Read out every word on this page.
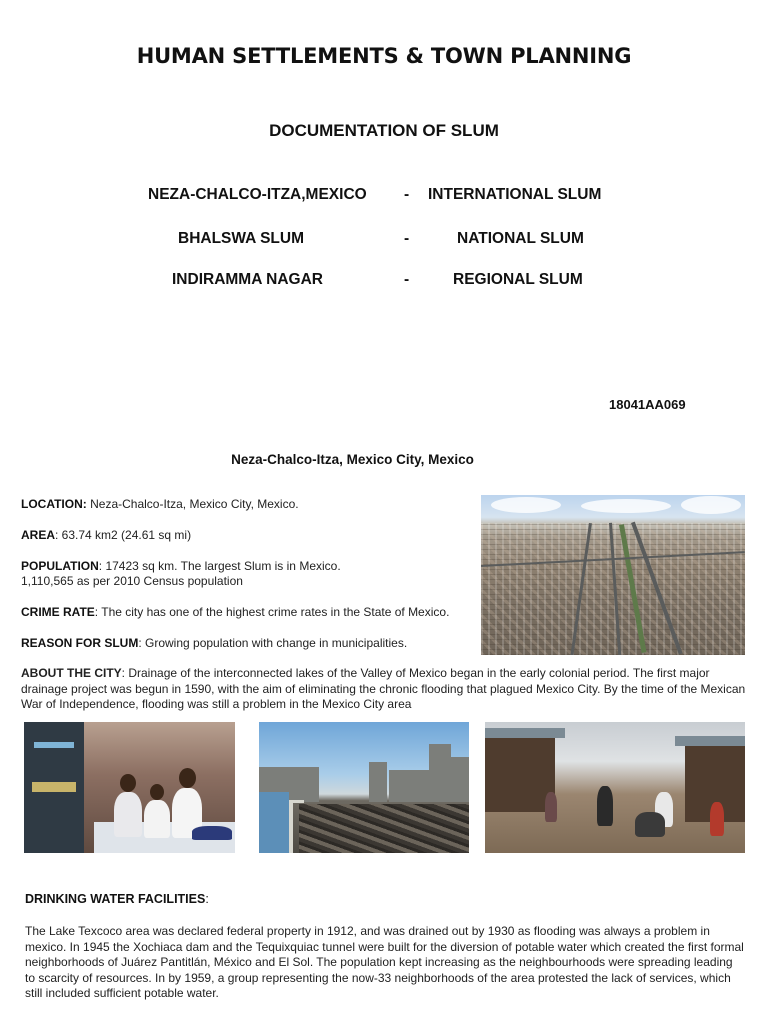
HUMAN SETTLEMENTS & TOWN PLANNING
DOCUMENTATION OF SLUM
NEZA-CHALCO-ITZA,MEXICO - INTERNATIONAL SLUM
BHALSWA SLUM	-	NATIONAL SLUM
INDIRAMMA NAGAR	-	REGIONAL SLUM
18041AA069
Neza-Chalco-Itza, Mexico City, Mexico
LOCATION: Neza-Chalco-Itza, Mexico City, Mexico.
AREA: 63.74 km2 (24.61 sq mi)
POPULATION: 17423 sq km. The largest Slum is in Mexico.
1,110,565 as per 2010 Census population
CRIME RATE: The city has one of the highest crime rates in the State of Mexico.
REASON FOR SLUM: Growing population with change in municipalities.
ABOUT THE CITY: Drainage of the interconnected lakes of the Valley of Mexico began in the early colonial period. The first major drainage project was begun in 1590, with the aim of eliminating the chronic flooding that plagued Mexico City. By the time of the Mexican War of Independence, flooding was still a problem in the Mexico City area
DRINKING WATER FACILITIES:
The Lake Texcoco area was declared federal property in 1912, and was drained out by 1930 as flooding was always a problem in mexico. In 1945 the Xochiaca dam and the Tequixquiac tunnel were built for the diversion of potable water which created the first formal neighborhoods of Juárez Pantitlán, México and El Sol. The population kept increasing as the neighbourhoods were spreading leading to scarcity of resources. In by 1959, a group representing the now-33 neighborhoods of the area protested the lack of services, which still included sufficient potable water.
